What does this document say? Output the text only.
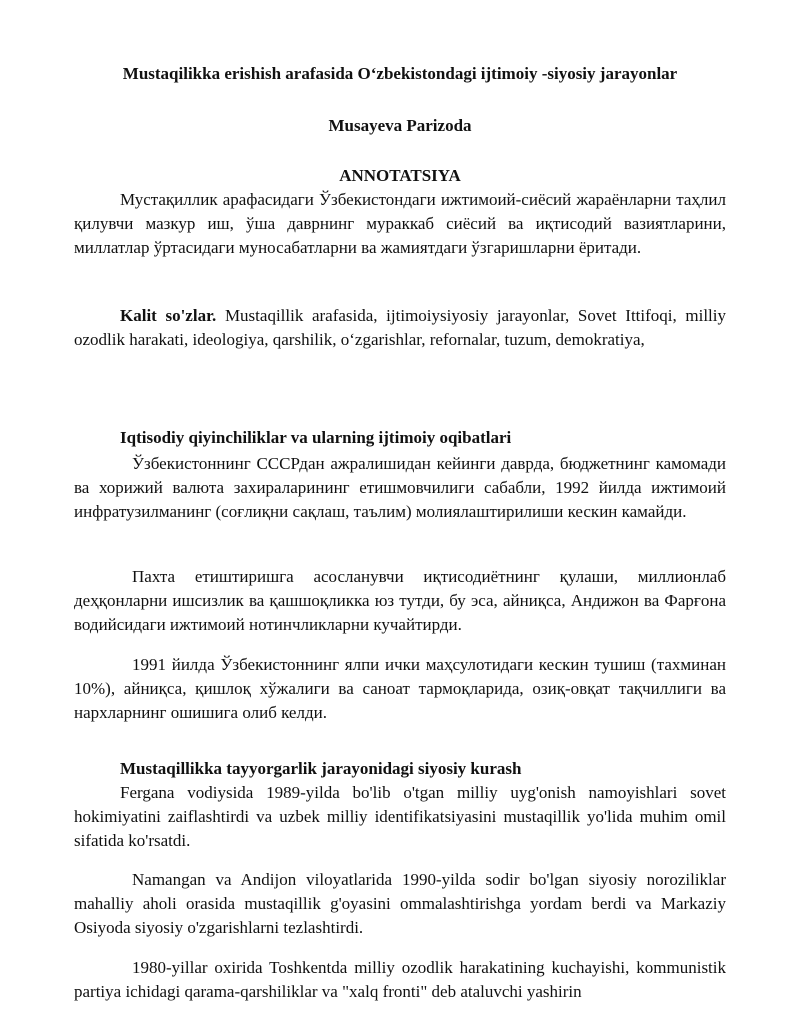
Mustaqilikka erishish arafasida O‘zbekistondagi ijtimoiy -siyosiy jarayonlar

Musayeva Parizoda

ANNOTATSIYA

Мустақиллик арафасидаги Ўзбекистондаги ижтимоий-сиёсий жараёнларни таҳлил қилувчи мазкур иш, ўша даврнинг мураккаб сиёсий ва иқтисодий вазиятларини, миллатлар ўртасидаги муносабатларни ва жамиятдаги ўзгаришларни ёритади.

Kalit so'zlar. Mustaqillik arafasida, ijtimoiysiyosiy jarayonlar, Sovet Ittifoqi, milliy ozodlik harakati, ideologiya, qarshilik, o‘zgarishlar, refornalar, tuzum, demokratiya,

Iqtisodiy qiyinchiliklar va ularning ijtimoiy oqibatlari

Ўзбекистоннинг СССРдан ажралишидан кейинги даврда, бюджетнинг камомади ва хорижий валюта захираларининг етишмовчилиги сабабли, 1992 йилда ижтимоий инфратузилманинг (соғлиқни сақлаш, таълим) молиялаштирилиши кескин камайди.

Пахта етиштиришга асосланувчи иқтисодиётнинг қулаши, миллионлаб деҳқонларни ишсизлик ва қашшоқликка юз тутди, бу эса, айниқса, Андижон ва Фарғона водийсидаги ижтимоий нотинчликларни кучайтирди.

1991 йилда Ўзбекистоннинг ялпи ички маҳсулотидаги кескин тушиш (тахминан 10%), айниқса, қишлоқ хўжалиги ва саноат тармоқларида, озиқ-овқат тақчиллиги ва нархларнинг ошишига олиб келди.

Mustaqillikka tayyorgarlik jarayonidagi siyosiy kurash

Fergana vodiysida 1989-yilda bo'lib o'tgan milliy uyg'onish namoyishlari sovet hokimiyatini zaiflashtirdi va uzbek milliy identifikatsiyasini mustaqillik yo'lida muhim omil sifatida ko'rsatdi.

Namangan va Andijon viloyatlarida 1990-yilda sodir bo'lgan siyosiy noroziliklar mahalliy aholi orasida mustaqillik g'oyasini ommalashtirishga yordam berdi va Markaziy Osiyoda siyosiy o'zgarishlarni tezlashtirdi.

1980-yillar oxirida Toshkentda milliy ozodlik harakatining kuchayishi, kommunistik partiya ichidagi qarama-qarshiliklar va "xalq fronti" deb ataluvchi yashirin
